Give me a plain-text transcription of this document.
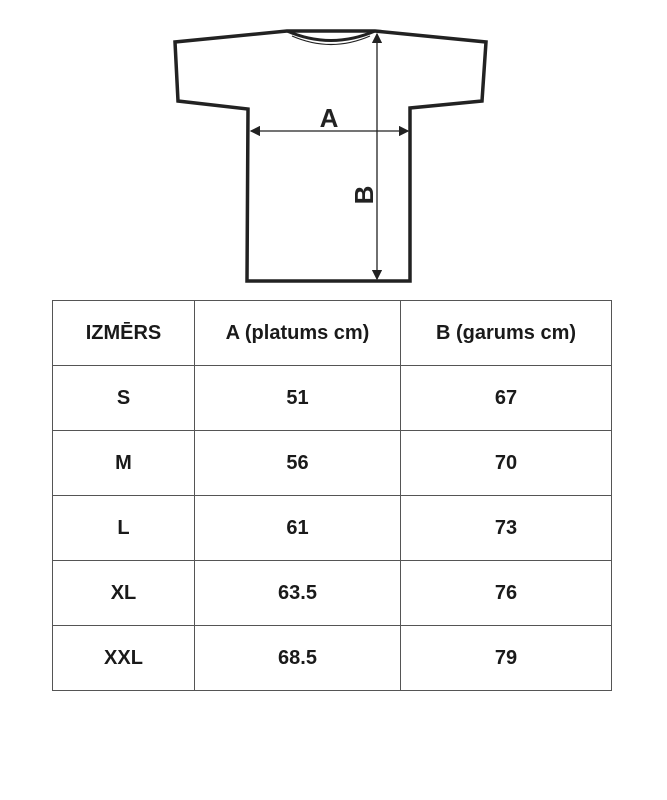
A
B
IZMĒRS	A (platums cm)	B (garums cm)
S	51	67
M	56	70
L	61	73
XL	63.5	76
XXL	68.5	79
